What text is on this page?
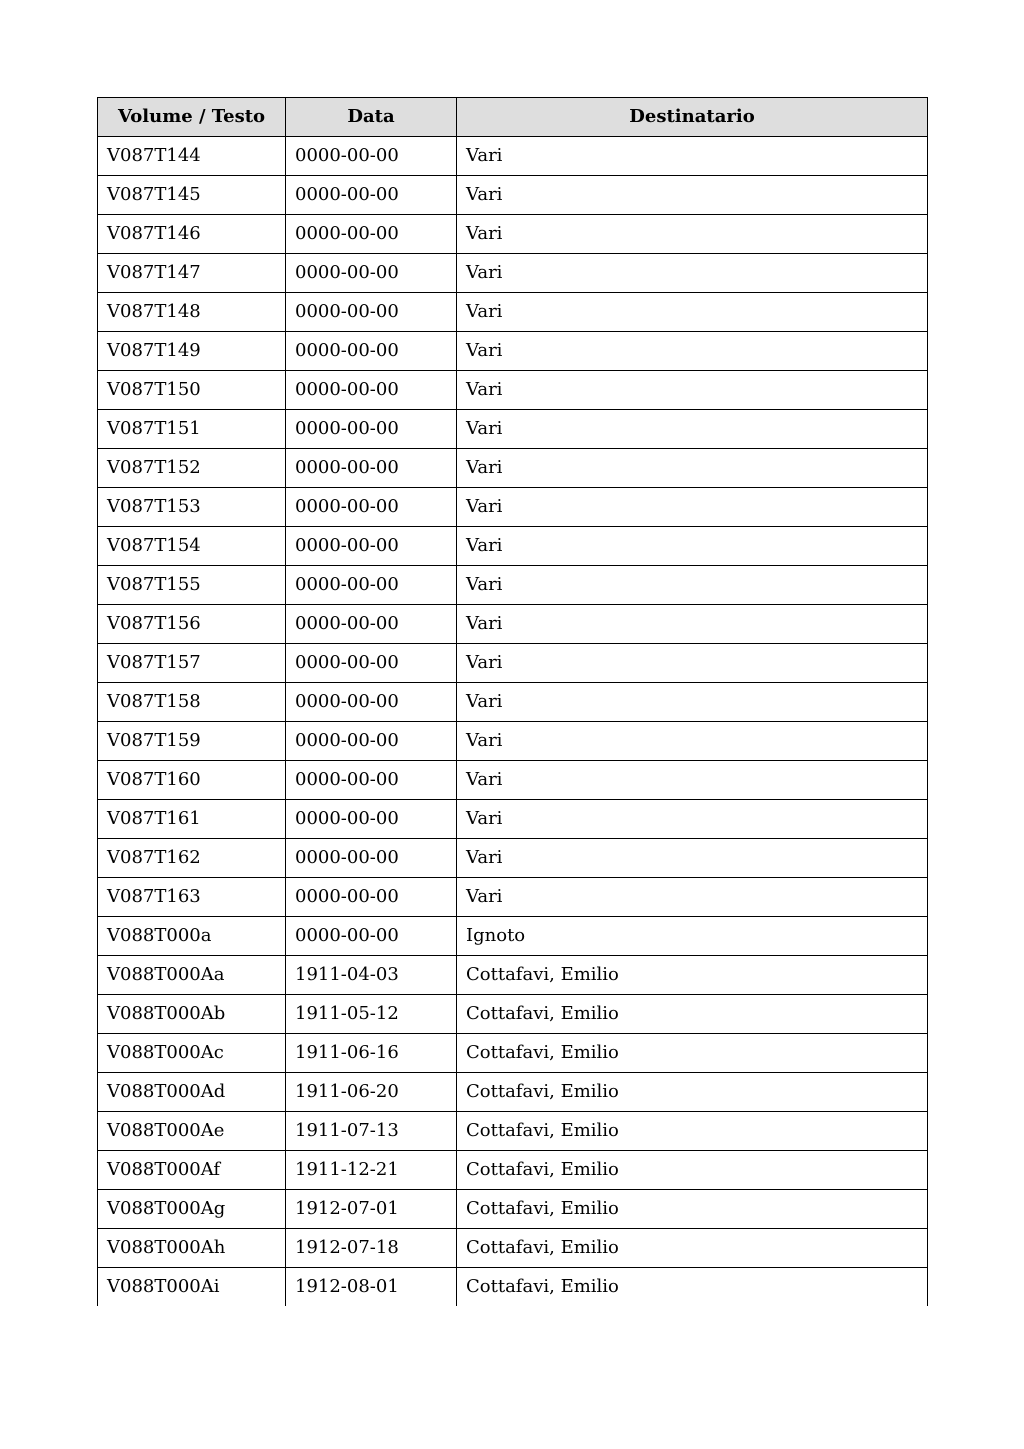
Volume / Testo	Data	Destinatario
V087T144	0000-00-00	Vari
V087T145	0000-00-00	Vari
V087T146	0000-00-00	Vari
V087T147	0000-00-00	Vari
V087T148	0000-00-00	Vari
V087T149	0000-00-00	Vari
V087T150	0000-00-00	Vari
V087T151	0000-00-00	Vari
V087T152	0000-00-00	Vari
V087T153	0000-00-00	Vari
V087T154	0000-00-00	Vari
V087T155	0000-00-00	Vari
V087T156	0000-00-00	Vari
V087T157	0000-00-00	Vari
V087T158	0000-00-00	Vari
V087T159	0000-00-00	Vari
V087T160	0000-00-00	Vari
V087T161	0000-00-00	Vari
V087T162	0000-00-00	Vari
V087T163	0000-00-00	Vari
V088T000a	0000-00-00	Ignoto
V088T000Aa	1911-04-03	Cottafavi, Emilio
V088T000Ab	1911-05-12	Cottafavi, Emilio
V088T000Ac	1911-06-16	Cottafavi, Emilio
V088T000Ad	1911-06-20	Cottafavi, Emilio
V088T000Ae	1911-07-13	Cottafavi, Emilio
V088T000Af	1911-12-21	Cottafavi, Emilio
V088T000Ag	1912-07-01	Cottafavi, Emilio
V088T000Ah	1912-07-18	Cottafavi, Emilio
V088T000Ai	1912-08-01	Cottafavi, Emilio
